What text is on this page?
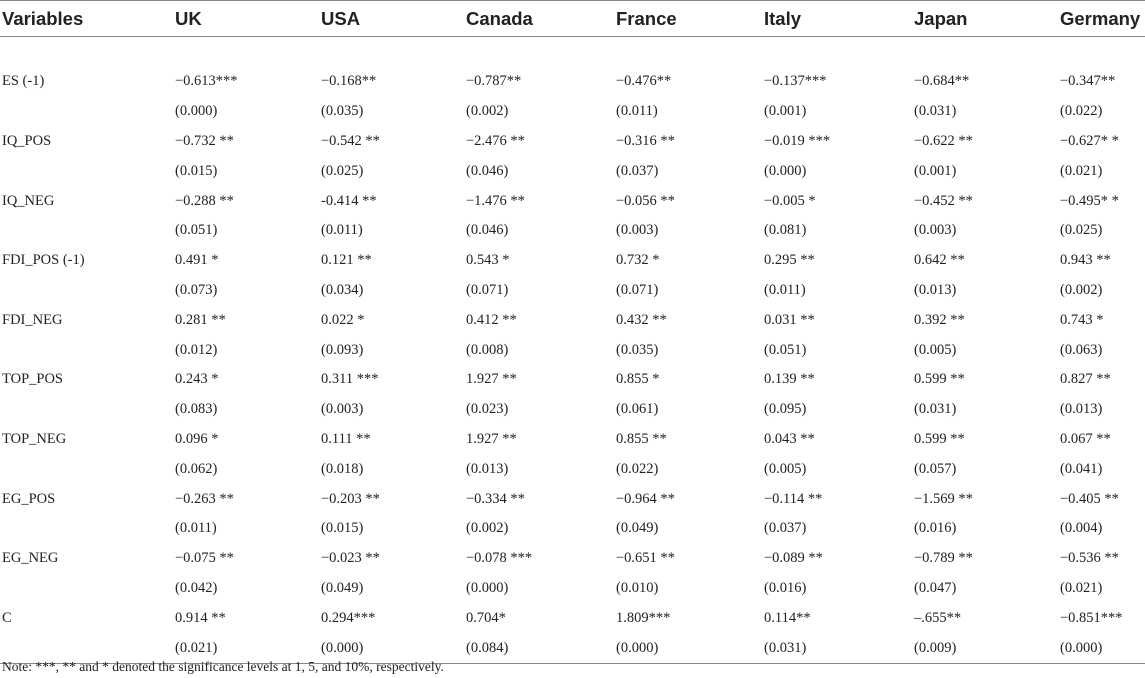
Variables	UK	USA	Canada	France	Italy	Japan	Germany

ES (-1)	−0.613***	−0.168**	−0.787**	−0.476**	−0.137***	−0.684**	−0.347**
	(0.000)	(0.035)	(0.002)	(0.011)	(0.001)	(0.031)	(0.022)
IQ_POS	−0.732 **	−0.542 **	−2.476 **	−0.316 **	−0.019 ***	−0.622 **	−0.627* *
	(0.015)	(0.025)	(0.046)	(0.037)	(0.000)	(0.001)	(0.021)
IQ_NEG	−0.288 **	-0.414 **	−1.476 **	−0.056 **	−0.005 *	−0.452 **	−0.495* *
	(0.051)	(0.011)	(0.046)	(0.003)	(0.081)	(0.003)	(0.025)
FDI_POS (-1)	0.491 *	0.121 **	0.543 *	0.732 *	0.295 **	0.642 **	0.943 **
	(0.073)	(0.034)	(0.071)	(0.071)	(0.011)	(0.013)	(0.002)
FDI_NEG	0.281 **	0.022 *	0.412 **	0.432 **	0.031 **	0.392 **	0.743 *
	(0.012)	(0.093)	(0.008)	(0.035)	(0.051)	(0.005)	(0.063)
TOP_POS	0.243 *	0.311 ***	1.927 **	0.855 *	0.139 **	0.599 **	0.827 **
	(0.083)	(0.003)	(0.023)	(0.061)	(0.095)	(0.031)	(0.013)
TOP_NEG	0.096 *	0.111 **	1.927 **	0.855 **	0.043 **	0.599 **	0.067 **
	(0.062)	(0.018)	(0.013)	(0.022)	(0.005)	(0.057)	(0.041)
EG_POS	−0.263 **	−0.203 **	−0.334 **	−0.964 **	−0.114 **	−1.569 **	−0.405 **
	(0.011)	(0.015)	(0.002)	(0.049)	(0.037)	(0.016)	(0.004)
EG_NEG	−0.075 **	−0.023 **	−0.078 ***	−0.651 **	−0.089 **	−0.789 **	−0.536 **
	(0.042)	(0.049)	(0.000)	(0.010)	(0.016)	(0.047)	(0.021)
C	0.914 **	0.294***	0.704*	1.809***	0.114**	–.655**	−0.851***
	(0.021)	(0.000)	(0.084)	(0.000)	(0.031)	(0.009)	(0.000)
Note: ***, ** and * denoted the significance levels at 1, 5, and 10%, respectively.
